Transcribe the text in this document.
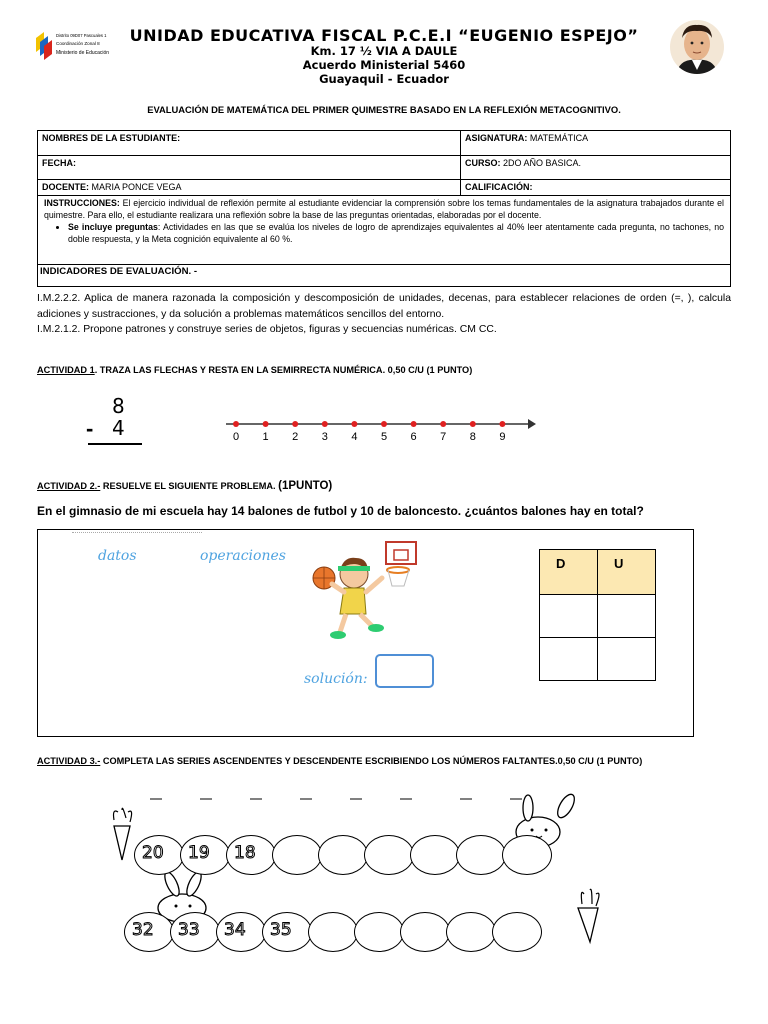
Distrito 09D07 Pascuales 1
Coordinación Zonal 8
Ministerio de Educación
UNIDAD EDUCATIVA FISCAL P.C.E.I “EUGENIO ESPEJO”
Km. 17 ½ VIA A DAULE
Acuerdo Ministerial 5460
Guayaquil - Ecuador
EVALUACIÓN DE MATEMÁTICA DEL PRIMER QUIMESTRE BASADO EN LA REFLEXIÓN METACOGNITIVO.
NOMBRES DE LA ESTUDIANTE:	ASIGNATURA: MATEMÁTICA
FECHA:	CURSO: 2DO AÑO BASICA.
DOCENTE: MARIA PONCE VEGA	CALIFICACIÓN:
INSTRUCCIONES: El ejercicio individual de reflexión permite al estudiante evidenciar la comprensión sobre los temas fundamentales de la asignatura trabajados durante el quimestre. Para ello, el estudiante realizara una reflexión sobre la base de las preguntas orientadas, elaboradas por el docente.
• Se incluye preguntas: Actividades en las que se evalúa los niveles de logro de aprendizajes equivalentes al 40% leer atentamente cada pregunta, no tachones, no doble respuesta, y la Meta cognición equivalente al 60 %.
INDICADORES DE EVALUACIÓN. -
I.M.2.2.2. Aplica de manera razonada la composición y descomposición de unidades, decenas, para establecer relaciones de orden (=, ), calcula adiciones y sustracciones, y da solución a problemas matemáticos sencillos del entorno.
I.M.2.1.2. Propone patrones y construye series de objetos, figuras y secuencias numéricas. CM CC.
ACTIVIDAD 1. TRAZA LAS FLECHAS Y RESTA EN LA SEMIRRECTA NUMÉRICA. 0,50 C/U (1 PUNTO)
8
- 4	0 1 2 3 4 5 6 7 8 9
ACTIVIDAD 2.- RESUELVE EL SIGUIENTE PROBLEMA. (1PUNTO)
En el gimnasio de mi escuela hay 14 balones de futbol y 10 de baloncesto. ¿cuántos balones hay en total?
datos	operaciones
solución:
D	U

ACTIVIDAD 3.- COMPLETA LAS SERIES ASCENDENTES Y DESCENDENTE ESCRIBIENDO LOS NÚMEROS FALTANTES.0,50 C/U (1 PUNTO)
20 19 18
32 33 34 35
